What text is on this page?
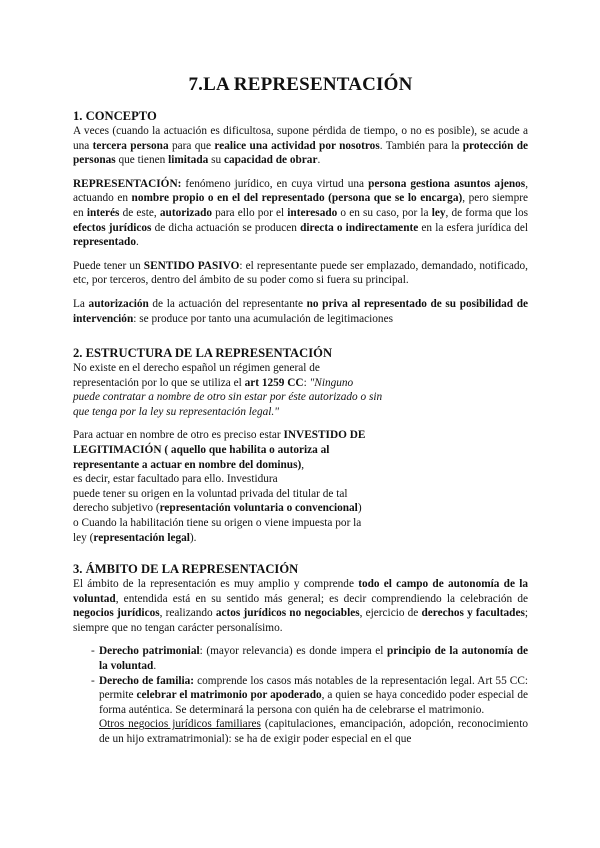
7.LA REPRESENTACIÓN
1. CONCEPTO

A veces (cuando la actuación es dificultosa, supone pérdida de tiempo, o no es posible), se acude a una tercera persona para que realice una actividad por nosotros. También para la protección de personas que tienen limitada su capacidad de obrar.

REPRESENTACIÓN: fenómeno jurídico, en cuya virtud una persona gestiona asuntos ajenos, actuando en nombre propio o en el del representado (persona que se lo encarga), pero siempre en interés de este, autorizado para ello por el interesado o en su caso, por la ley, de forma que los efectos jurídicos de dicha actuación se producen directa o indirectamente en la esfera jurídica del representado.

Puede tener un SENTIDO PASIVO: el representante puede ser emplazado, demandado, notificado, etc, por terceros, dentro del ámbito de su poder como si fuera su principal.

La autorización de la actuación del representante no priva al representado de su posibilidad de intervención: se produce por tanto una acumulación de legitimaciones

2. ESTRUCTURA DE LA REPRESENTACIÓN

No existe en el derecho español un régimen general de

representación por lo que se utiliza el art 1259 CC: "Ninguno

puede contratar a nombre de otro sin estar por éste autorizado o sin

que tenga por la ley su representación legal."

Para actuar en nombre de otro es preciso estar INVESTIDO DE

LEGITIMACIÓN ( aquello que habilita o autoriza al

representante a actuar en nombre del dominus),

es decir, estar facultado para ello. Investidura

puede tener su origen en la voluntad privada del titular de tal

derecho subjetivo (representación voluntaria o convencional)

o Cuando la habilitación tiene su origen o viene impuesta por la

ley (representación legal).

3. ÁMBITO DE LA REPRESENTACIÓN

El ámbito de la representación es muy amplio y comprende todo el campo de autonomía de la voluntad, entendida está en su sentido más general; es decir comprendiendo la celebración de negocios jurídicos, realizando actos jurídicos no negociables, ejercicio de derechos y facultades; siempre que no tengan carácter personalísimo.

- Derecho patrimonial: (mayor relevancia) es donde impera el principio de la autonomía de la voluntad.

- Derecho de familia: comprende los casos más notables de la representación legal. Art 55 CC: permite celebrar el matrimonio por apoderado, a quien se haya concedido poder especial de forma auténtica. Se determinará la persona con quién ha de celebrarse el matrimonio.

Otros negocios jurídicos familiares (capitulaciones, emancipación, adopción, reconocimiento de un hijo extramatrimonial): se ha de exigir poder especial en el que
